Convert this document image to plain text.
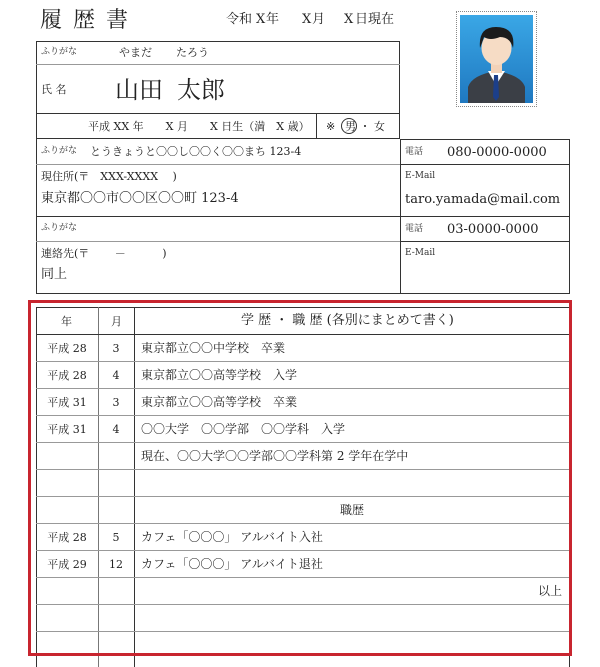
履 歴 書	令和 X 年 X 月 X 日現在
ふりがな	やまだ たろう
氏 名 山田 太郎
平成 XX 年　　X 月　　X 日生（満　X 歳） ※ 男 ・ 女
ふりがな とうきょうと〇〇し〇〇く〇〇まち 123-4
現住所(〒　XXX-XXXX　 )
東京都〇〇市〇〇区〇〇町 123-4
電話 080-0000-0000
E-Mail
taro.yamada@mail.com
ふりがな
連絡先(〒　　 －　　　 )
同上
電話 03-0000-0000
E-Mail
年	月	学 歴 ・ 職 歴 (各別にまとめて書く)
平成 28	3	東京都立〇〇中学校　卒業
平成 28	4	東京都立〇〇高等学校　入学
平成 31	3	東京都立〇〇高等学校　卒業
平成 31	4	〇〇大学　〇〇学部　〇〇学科　入学
現在、〇〇大学〇〇学部〇〇学科第 2 学年在学中
職歴
平成 28	5	カフェ「〇〇〇」 アルバイト入社
平成 29	12	カフェ「〇〇〇」 アルバイト退社
以上
